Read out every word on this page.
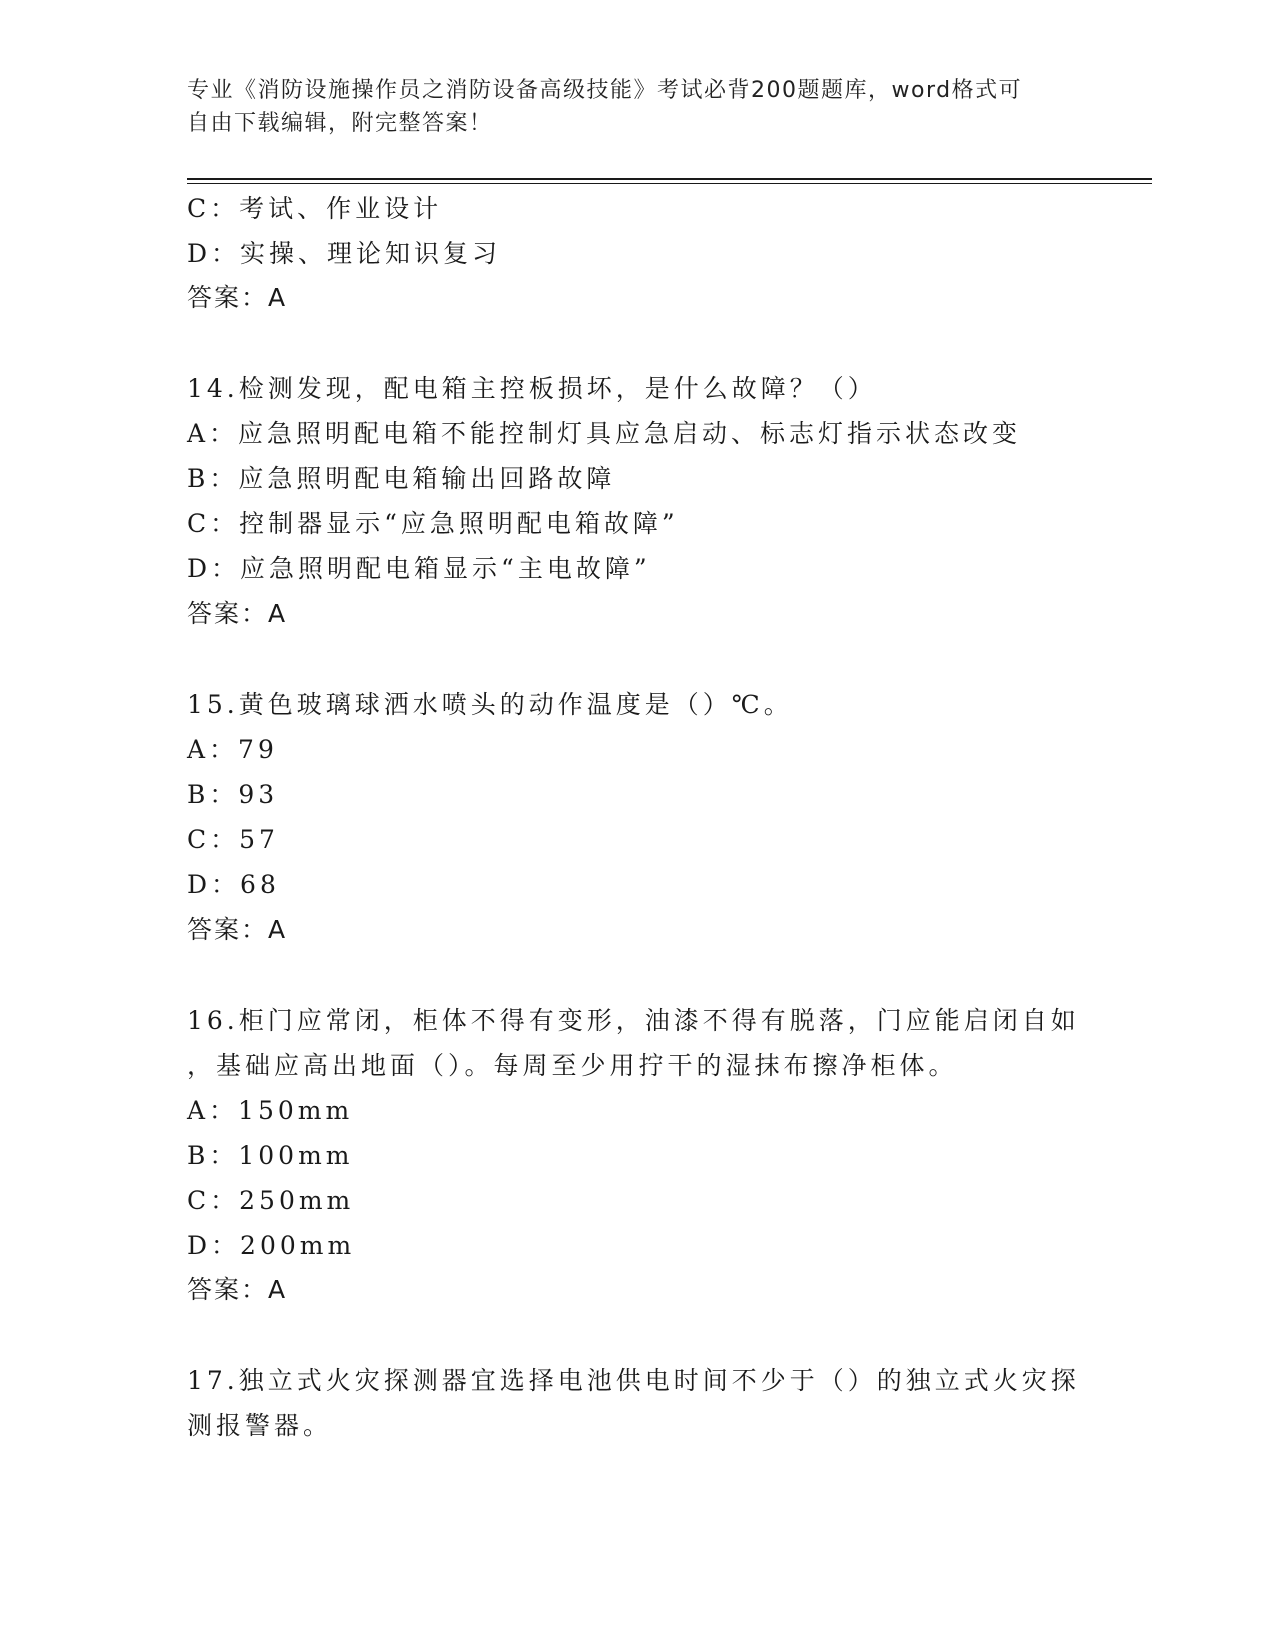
专业《消防设施操作员之消防设备高级技能》考试必背200题题库，word格式可
自由下载编辑，附完整答案！
C：考试、作业设计
D：实操、理论知识复习
答案：A
14.检测发现，配电箱主控板损坏，是什么故障？（）
A：应急照明配电箱不能控制灯具应急启动、标志灯指示状态改变
B：应急照明配电箱输出回路故障
C：控制器显示“应急照明配电箱故障”
D：应急照明配电箱显示“主电故障”
答案：A
15.黄色玻璃球洒水喷头的动作温度是（）℃。
A：79
B：93
C：57
D：68
答案：A
16.柜门应常闭，柜体不得有变形，油漆不得有脱落，门应能启闭自如
，基础应高出地面（）。每周至少用拧干的湿抹布擦净柜体。
A：150mm
B：100mm
C：250mm
D：200mm
答案：A
17.独立式火灾探测器宜选择电池供电时间不少于（）的独立式火灾探
测报警器。
